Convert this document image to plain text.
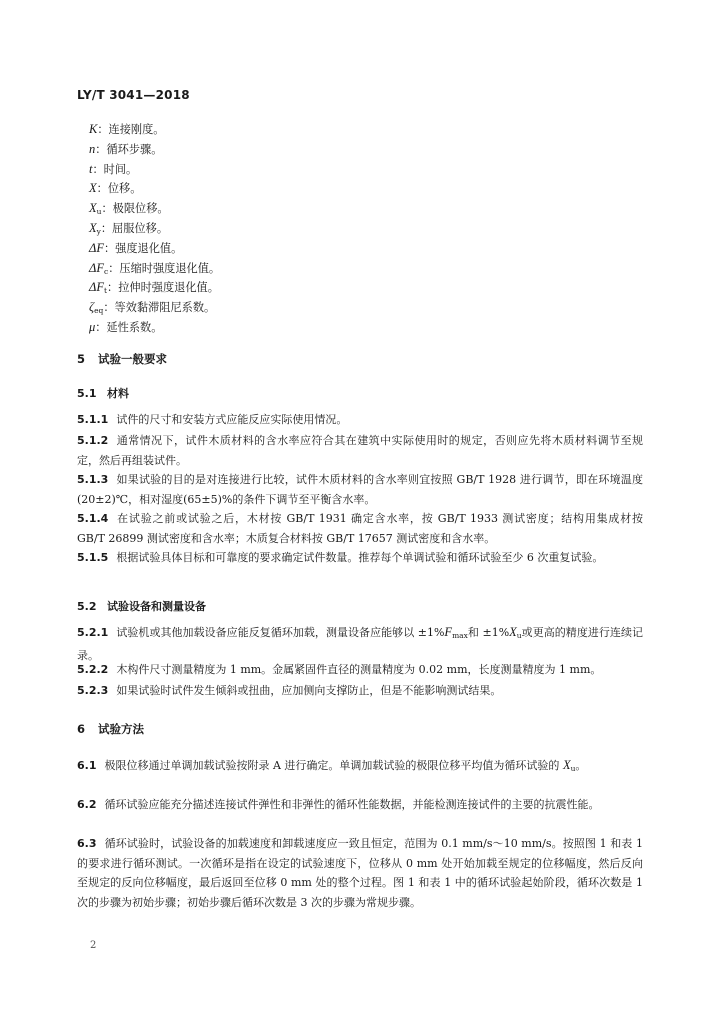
LY/T 3041—2018
K：连接刚度。
n：循环步骤。
t：时间。
X：位移。
$X_u$：极限位移。
$X_y$：屈服位移。
ΔF：强度退化值。
$\Delta F_c$：压缩时强度退化值。
$\Delta F_t$：拉伸时强度退化值。
$\zeta_{eq}$：等效黏滞阻尼系数。
μ：延性系数。
5 试验一般要求
5.1 材料
5.1.1 试件的尺寸和安装方式应能反应实际使用情况。
5.1.2 通常情况下，试件木质材料的含水率应符合其在建筑中实际使用时的规定，否则应先将木质材料调节至规定，然后再组装试件。
5.1.3 如果试验的目的是对连接进行比较，试件木质材料的含水率则宜按照 GB/T 1928 进行调节，即在环境温度(20±2)℃，相对湿度(65±5)%的条件下调节至平衡含水率。
5.1.4 在试验之前或试验之后，木材按 GB/T 1931 确定含水率，按 GB/T 1933 测试密度；结构用集成材按 GB/T 26899 测试密度和含水率；木质复合材料按 GB/T 17657 测试密度和含水率。
5.1.5 根据试验具体目标和可靠度的要求确定试件数量。推荐每个单调试验和循环试验至少 6 次重复试验。
5.2 试验设备和测量设备
5.2.1 试验机或其他加载设备应能反复循环加载，测量设备应能够以 $\pm 1\%F_{max}$和 $\pm 1\%X_u$或更高的精度进行连续记录。
5.2.2 木构件尺寸测量精度为 1 mm。金属紧固件直径的测量精度为 0.02 mm，长度测量精度为 1 mm。
5.2.3 如果试验时试件发生倾斜或扭曲，应加侧向支撑防止，但是不能影响测试结果。
6 试验方法
6.1 极限位移通过单调加载试验按附录 A 进行确定。单调加载试验的极限位移平均值为循环试验的 $X_u$。
6.2 循环试验应能充分描述连接试件弹性和非弹性的循环性能数据，并能检测连接试件的主要的抗震性能。
6.3 循环试验时，试验设备的加载速度和卸载速度应一致且恒定，范围为 0.1 mm/s～10 mm/s。按照图 1 和表 1 的要求进行循环测试。一次循环是指在设定的试验速度下，位移从 0 mm 处开始加载至规定的位移幅度，然后反向至规定的反向位移幅度，最后返回至位移 0 mm 处的整个过程。图 1 和表 1 中的循环试验起始阶段，循环次数是 1 次的步骤为初始步骤；初始步骤后循环次数是 3 次的步骤为常规步骤。
2
